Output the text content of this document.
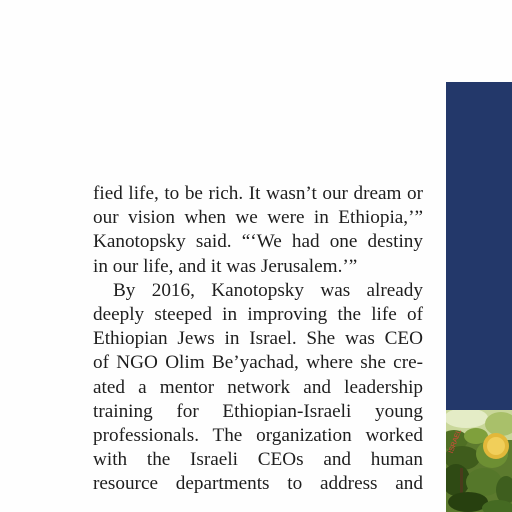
fied life, to be rich. It wasn’t our dream or
our vision when we were in Ethiopia,’”
Kanotopsky said. “‘We had one destiny
in our life, and it was Jerusalem.’”
By 2016, Kanotopsky was already
deeply steeped in improving the life of
Ethiopian Jews in Israel. She was CEO
of NGO Olim Be’yachad, where she cre-
ated a mentor network and leadership
training for Ethiopian-Israeli young
professionals. The organization worked
with the Israeli CEOs and human
resource departments to address and
ISRAEL
